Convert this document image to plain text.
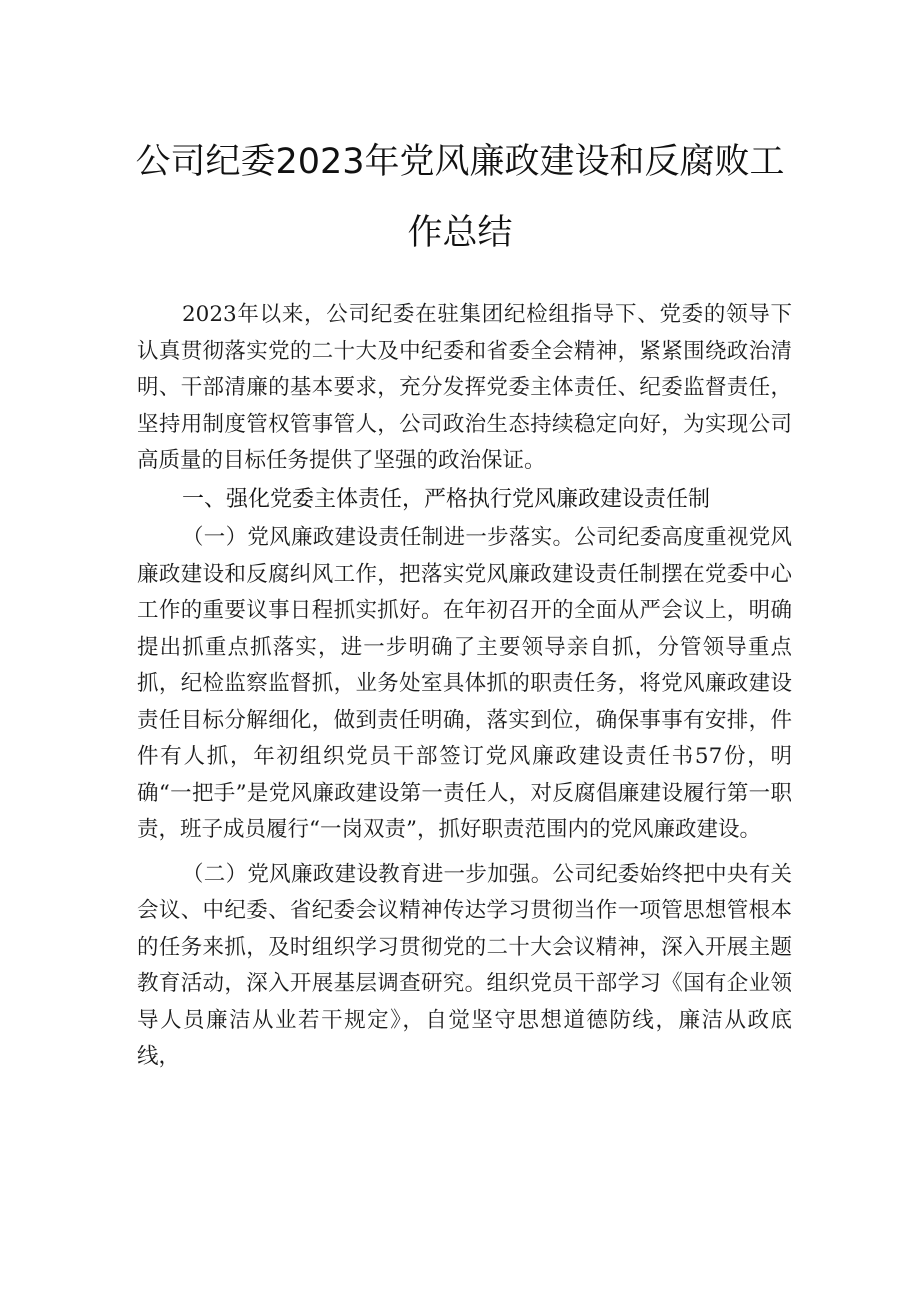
公司纪委2023年党风廉政建设和反腐败工
作总结

2023年以来，公司纪委在驻集团纪检组指导下、党委的领导下认真贯彻落实党的二十大及中纪委和省委全会精神，紧紧围绕政治清明、干部清廉的基本要求，充分发挥党委主体责任、纪委监督责任，坚持用制度管权管事管人，公司政治生态持续稳定向好，为实现公司高质量的目标任务提供了坚强的政治保证。

一、强化党委主体责任，严格执行党风廉政建设责任制

（一）党风廉政建设责任制进一步落实。公司纪委高度重视党风廉政建设和反腐纠风工作，把落实党风廉政建设责任制摆在党委中心工作的重要议事日程抓实抓好。在年初召开的全面从严会议上，明确提出抓重点抓落实，进一步明确了主要领导亲自抓，分管领导重点抓，纪检监察监督抓，业务处室具体抓的职责任务，将党风廉政建设责任目标分解细化，做到责任明确，落实到位，确保事事有安排，件件有人抓，年初组织党员干部签订党风廉政建设责任书57份，明确“一把手”是党风廉政建设第一责任人，对反腐倡廉建设履行第一职责，班子成员履行“一岗双责”，抓好职责范围内的党风廉政建设。

（二）党风廉政建设教育进一步加强。公司纪委始终把中央有关会议、中纪委、省纪委会议精神传达学习贯彻当作一项管思想管根本的任务来抓，及时组织学习贯彻党的二十大会议精神，深入开展主题教育活动，深入开展基层调查研究。组织党员干部学习《国有企业领导人员廉洁从业若干规定》，自觉坚守思想道德防线，廉洁从政底线，
